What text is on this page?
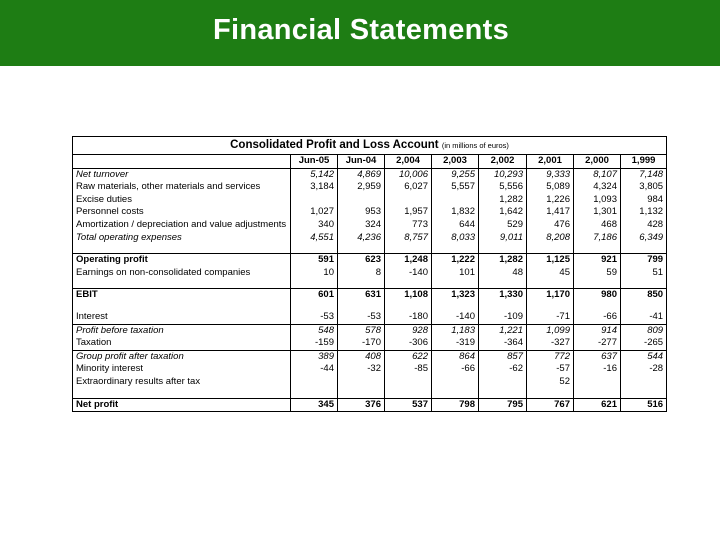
Financial Statements
Consolidated Profit and Loss Account (in millions of euros)								
	Jun-05	Jun-04	2,004	2,003	2,002	2,001	2,000	1,999
Net turnover	5,142	4,869	10,006	9,255	10,293	9,333	8,107	7,148
Raw materials, other materials and services	3,184	2,959	6,027	5,557	5,556	5,089	4,324	3,805
Excise duties					1,282	1,226	1,093	984
Personnel costs	1,027	953	1,957	1,832	1,642	1,417	1,301	1,132
Amortization / depreciation and value adjustments	340	324	773	644	529	476	468	428
Total operating expenses	4,551	4,236	8,757	8,033	9,011	8,208	7,186	6,349

Operating profit	591	623	1,248	1,222	1,282	1,125	921	799
Earnings on non-consolidated companies	10	8	-140	101	48	45	59	51

EBIT	601	631	1,108	1,323	1,330	1,170	980	850

Interest	-53	-53	-180	-140	-109	-71	-66	-41
Profit before taxation	548	578	928	1,183	1,221	1,099	914	809
Taxation	-159	-170	-306	-319	-364	-327	-277	-265
Group profit after taxation	389	408	622	864	857	772	637	544
Minority interest	-44	-32	-85	-66	-62	-57	-16	-28
Extraordinary results after tax						52		

Net profit	345	376	537	798	795	767	621	516
